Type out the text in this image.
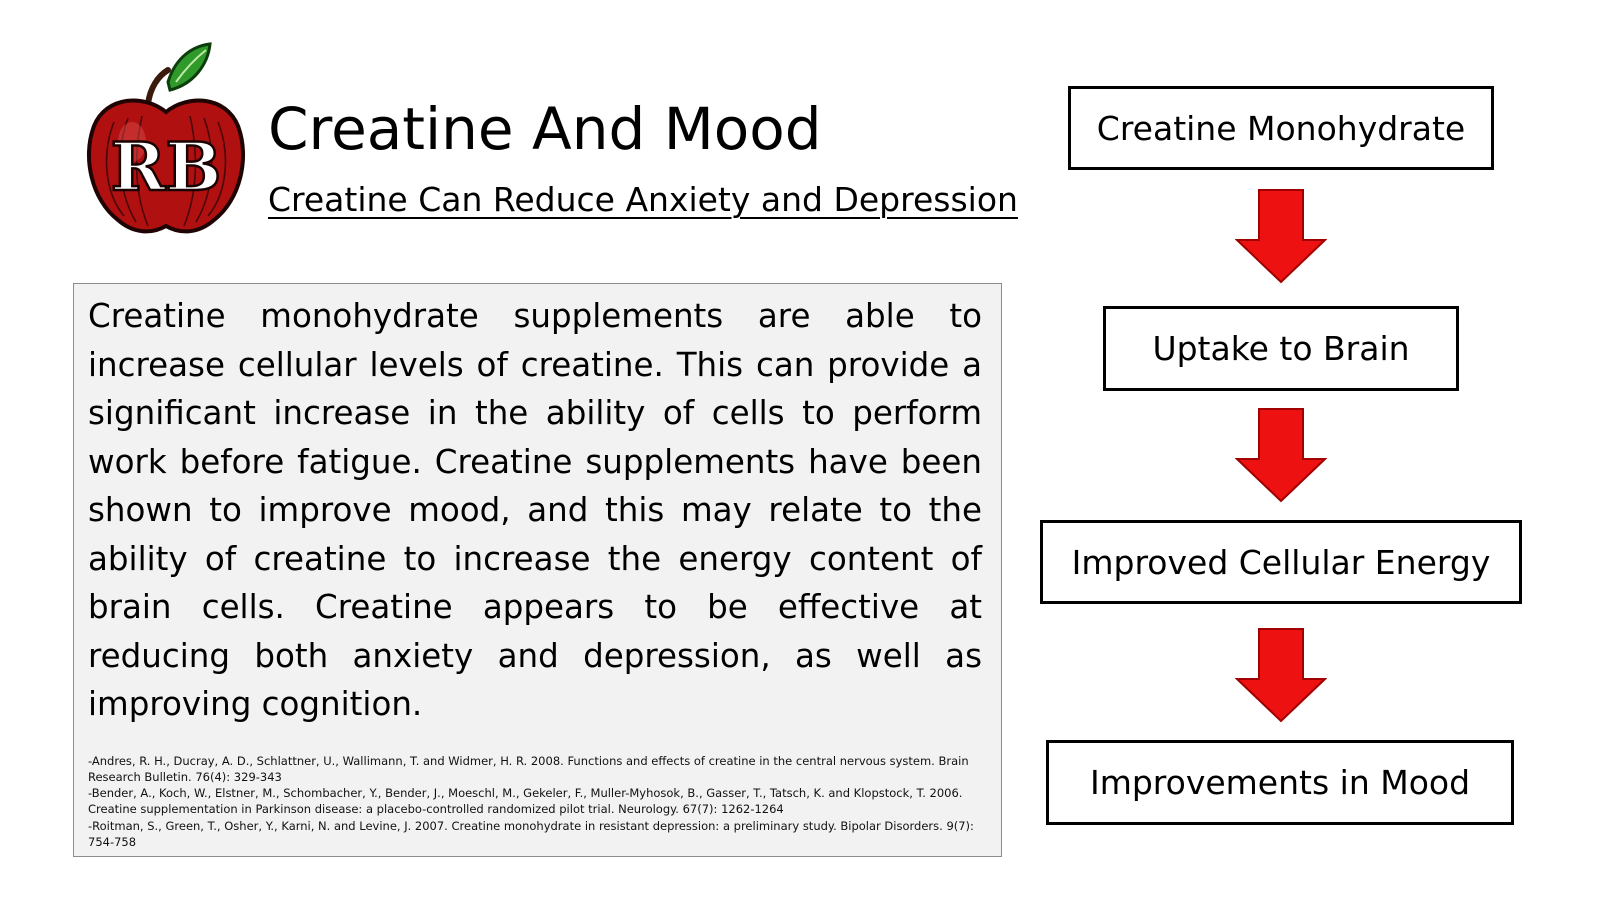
RB Creatine And Mood
Creatine Can Reduce Anxiety and Depression

Creatine monohydrate supplements are able to increase cellular levels of creatine. This can provide a significant increase in the ability of cells to perform work before fatigue. Creatine supplements have been shown to improve mood, and this may relate to the ability of creatine to increase the energy content of brain cells. Creatine appears to be effective at reducing both anxiety and depression, as well as improving cognition.

-Andres, R. H., Ducray, A. D., Schlattner, U., Wallimann, T. and Widmer, H. R. 2008. Functions and effects of creatine in the central nervous system. Brain Research Bulletin. 76(4): 329-343

-Bender, A., Koch, W., Elstner, M., Schombacher, Y., Bender, J., Moeschl, M., Gekeler, F., Muller-Myhosok, B., Gasser, T., Tatsch, K. and Klopstock, T. 2006. Creatine supplementation in Parkinson disease: a placebo-controlled randomized pilot trial. Neurology. 67(7): 1262-1264

-Roitman, S., Green, T., Osher, Y., Karni, N. and Levine, J. 2007. Creatine monohydrate in resistant depression: a preliminary study. Bipolar Disorders. 9(7): 754-758

Creatine Monohydrate
Uptake to Brain
Improved Cellular Energy
Improvements in Mood
